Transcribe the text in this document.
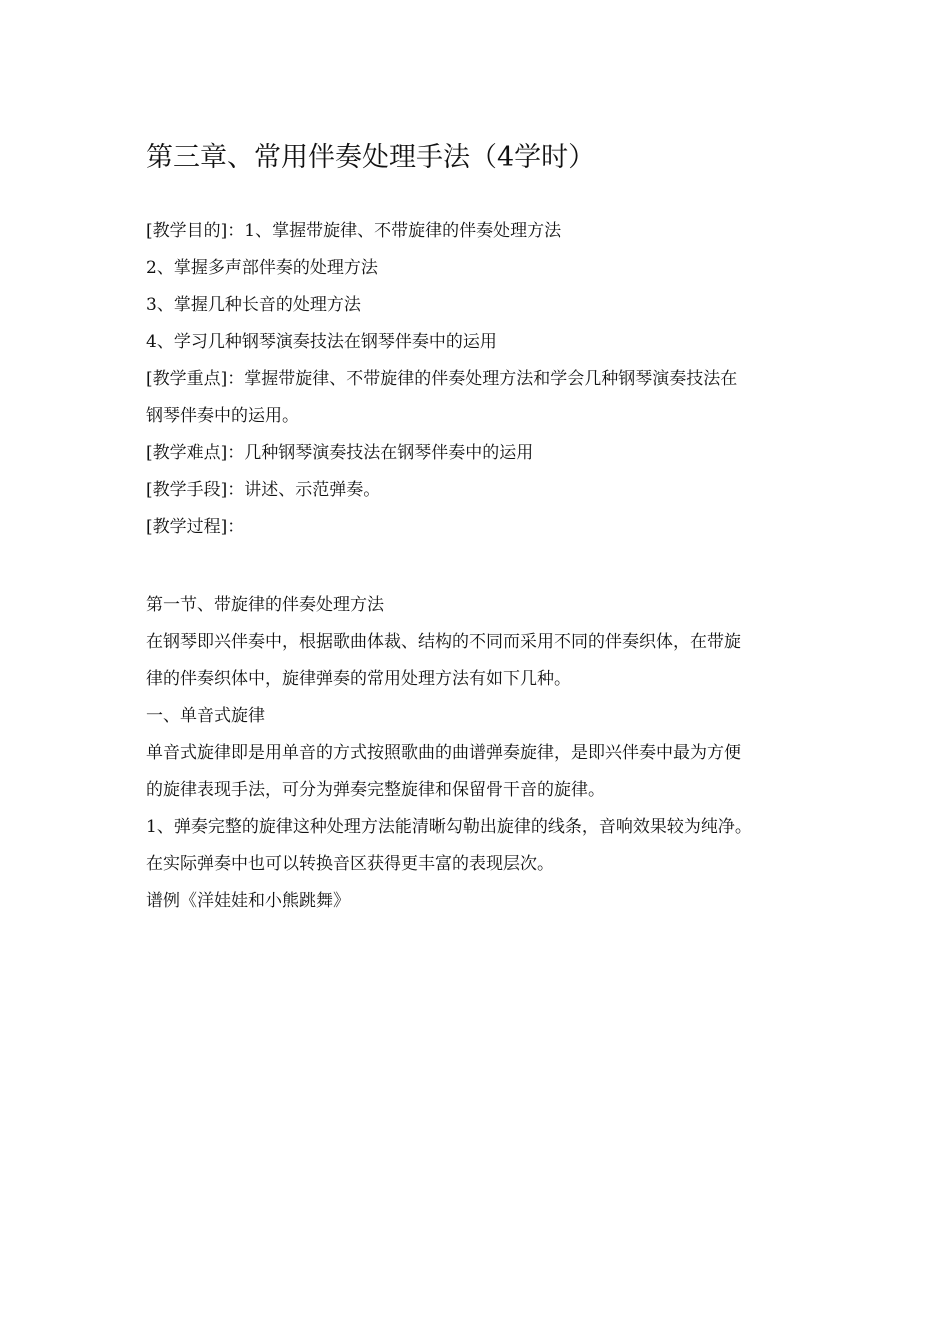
第三章、常用伴奏处理手法（4学时）
[教学目的]：1、掌握带旋律、不带旋律的伴奏处理方法
2、掌握多声部伴奏的处理方法
3、掌握几种长音的处理方法
4、学习几种钢琴演奏技法在钢琴伴奏中的运用
[教学重点]：掌握带旋律、不带旋律的伴奏处理方法和学会几种钢琴演奏技法在
钢琴伴奏中的运用。
[教学难点]：几种钢琴演奏技法在钢琴伴奏中的运用
[教学手段]：讲述、示范弹奏。
[教学过程]：
第一节、带旋律的伴奏处理方法
在钢琴即兴伴奏中，根据歌曲体裁、结构的不同而采用不同的伴奏织体，在带旋
律的伴奏织体中，旋律弹奏的常用处理方法有如下几种。
一、单音式旋律
单音式旋律即是用单音的方式按照歌曲的曲谱弹奏旋律，是即兴伴奏中最为方便
的旋律表现手法，可分为弹奏完整旋律和保留骨干音的旋律。
1、弹奏完整的旋律这种处理方法能清晰勾勒出旋律的线条，音响效果较为纯净。
在实际弹奏中也可以转换音区获得更丰富的表现层次。
谱例《洋娃娃和小熊跳舞》
